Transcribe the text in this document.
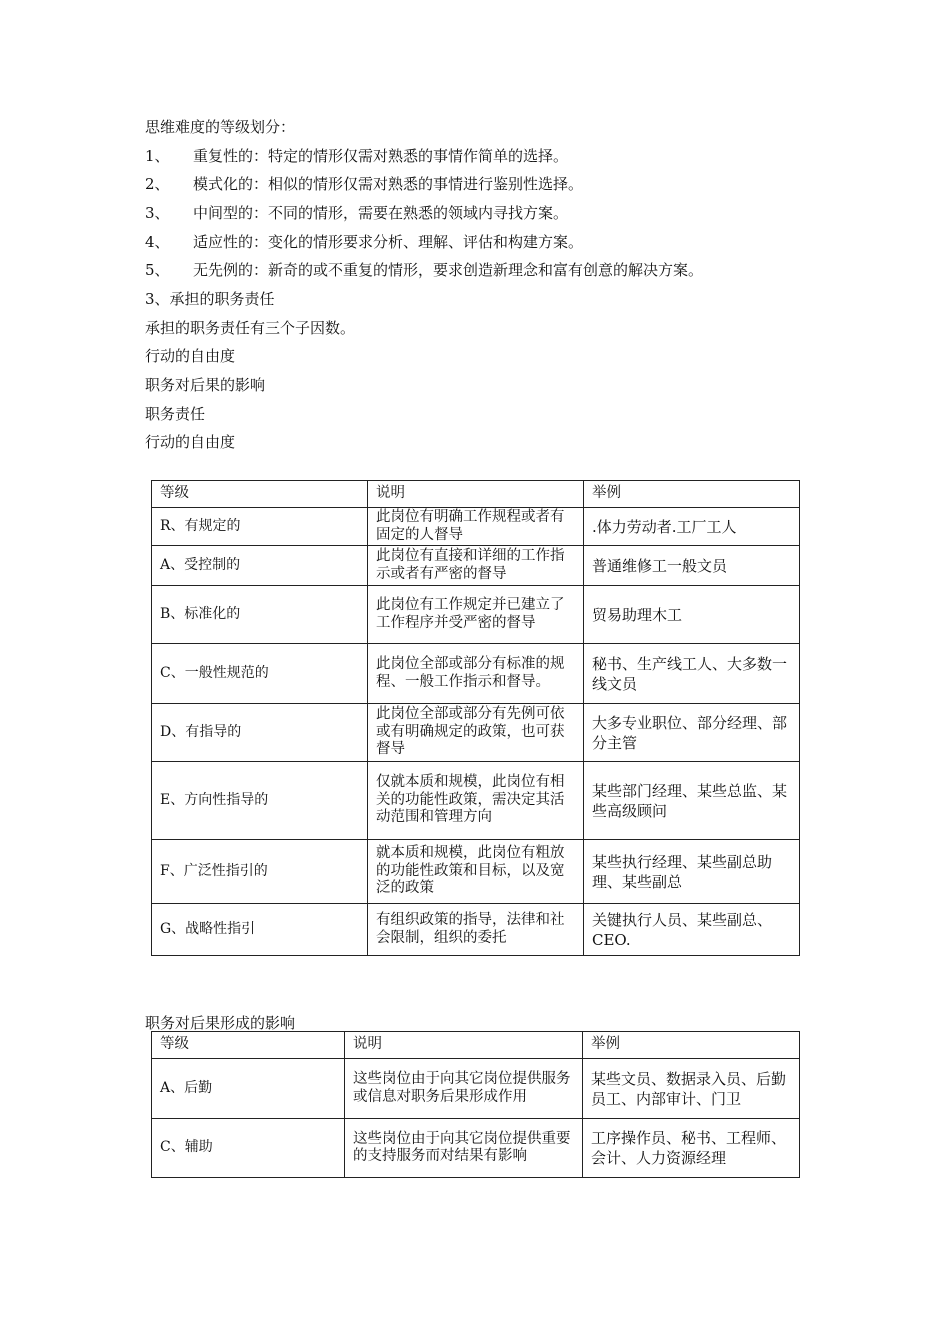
思维难度的等级划分：
1、 重复性的：特定的情形仅需对熟悉的事情作简单的选择。
2、 模式化的：相似的情形仅需对熟悉的事情进行鉴别性选择。
3、 中间型的：不同的情形，需要在熟悉的领域内寻找方案。
4、 适应性的：变化的情形要求分析、理解、评估和构建方案。
5、 无先例的：新奇的或不重复的情形，要求创造新理念和富有创意的解决方案。
3、承担的职务责任
承担的职务责任有三个子因数。
行动的自由度
职务对后果的影响
职务责任
行动的自由度
等级	说明	举例
R、有规定的	此岗位有明确工作规程或者有固定的人督导	.体力劳动者.工厂工人
A、受控制的	此岗位有直接和详细的工作指示或者有严密的督导	普通维修工一般文员
B、标准化的	此岗位有工作规定并已建立了工作程序并受严密的督导	贸易助理木工
C、一般性规范的	此岗位全部或部分有标准的规程、一般工作指示和督导。	秘书、生产线工人、大多数一线文员
D、有指导的	此岗位全部或部分有先例可依或有明确规定的政策，也可获督导	大多专业职位、部分经理、部分主管
E、方向性指导的	仅就本质和规模，此岗位有相关的功能性政策，需决定其活动范围和管理方向	某些部门经理、某些总监、某些高级顾问
F、广泛性指引的	就本质和规模，此岗位有粗放的功能性政策和目标，以及宽泛的政策	某些执行经理、某些副总助理、某些副总
G、战略性指引	有组织政策的指导，法律和社会限制，组织的委托	关键执行人员、某些副总、CEO.
职务对后果形成的影响
等级	说明	举例
A、后勤	这些岗位由于向其它岗位提供服务或信息对职务后果形成作用	某些文员、数据录入员、后勤员工、内部审计、门卫
C、辅助	这些岗位由于向其它岗位提供重要的支持服务而对结果有影响	工序操作员、秘书、工程师、会计、人力资源经理
